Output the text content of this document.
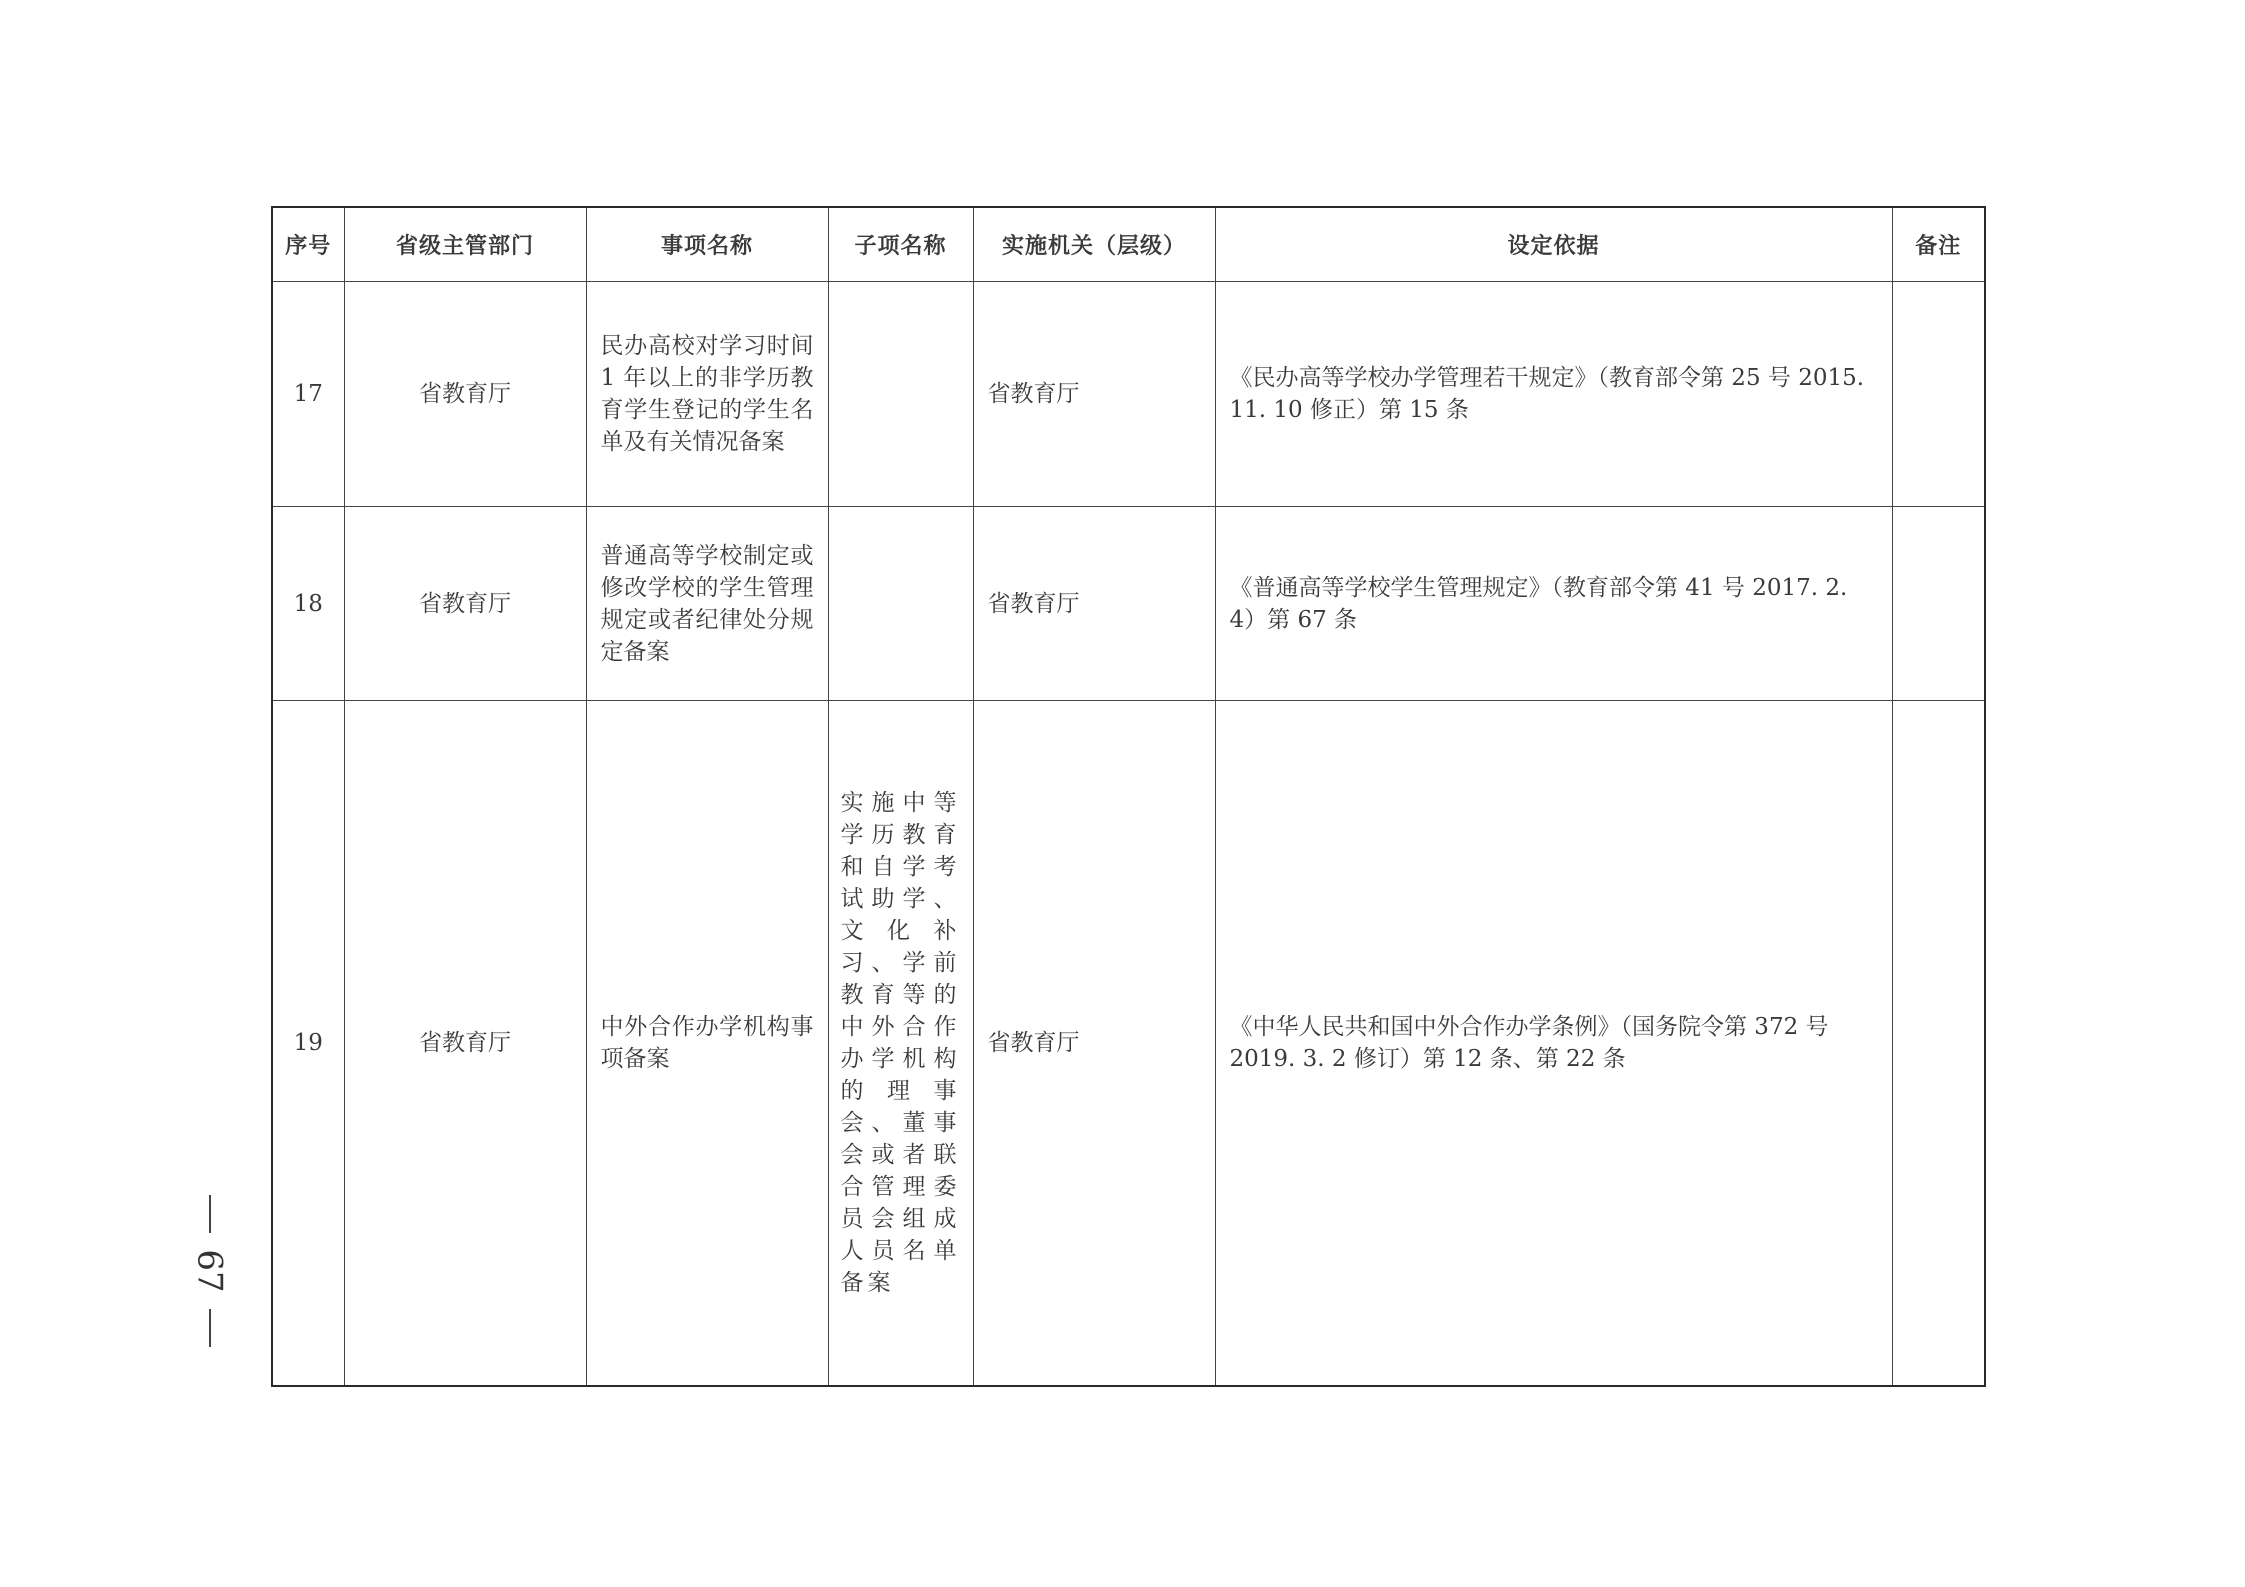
序号	省级主管部门	事项名称	子项名称	实施机关（层级）	设定依据	备注
17	省教育厅	民办高校对学习时间 1 年以上的非学历教育学生登记的学生名单及有关情况备案		省教育厅	《民办高等学校办学管理若干规定》（教育部令第 25 号 2015. 11. 10 修正）第 15 条	
18	省教育厅	普通高等学校制定或修改学校的学生管理规定或者纪律处分规定备案		省教育厅	《普通高等学校学生管理规定》（教育部令第 41 号 2017. 2. 4）第 67 条	
19	省教育厅	中外合作办学机构事项备案	实施中等学历教育和自学考试助学、文化补习、学前教育等的中外合作办学机构的理事会、董事会或者联合管理委员会组成人员名单备案	省教育厅	《中华人民共和国中外合作办学条例》（国务院令第 372 号 2019. 3. 2 修订）第 12 条、第 22 条	
67
